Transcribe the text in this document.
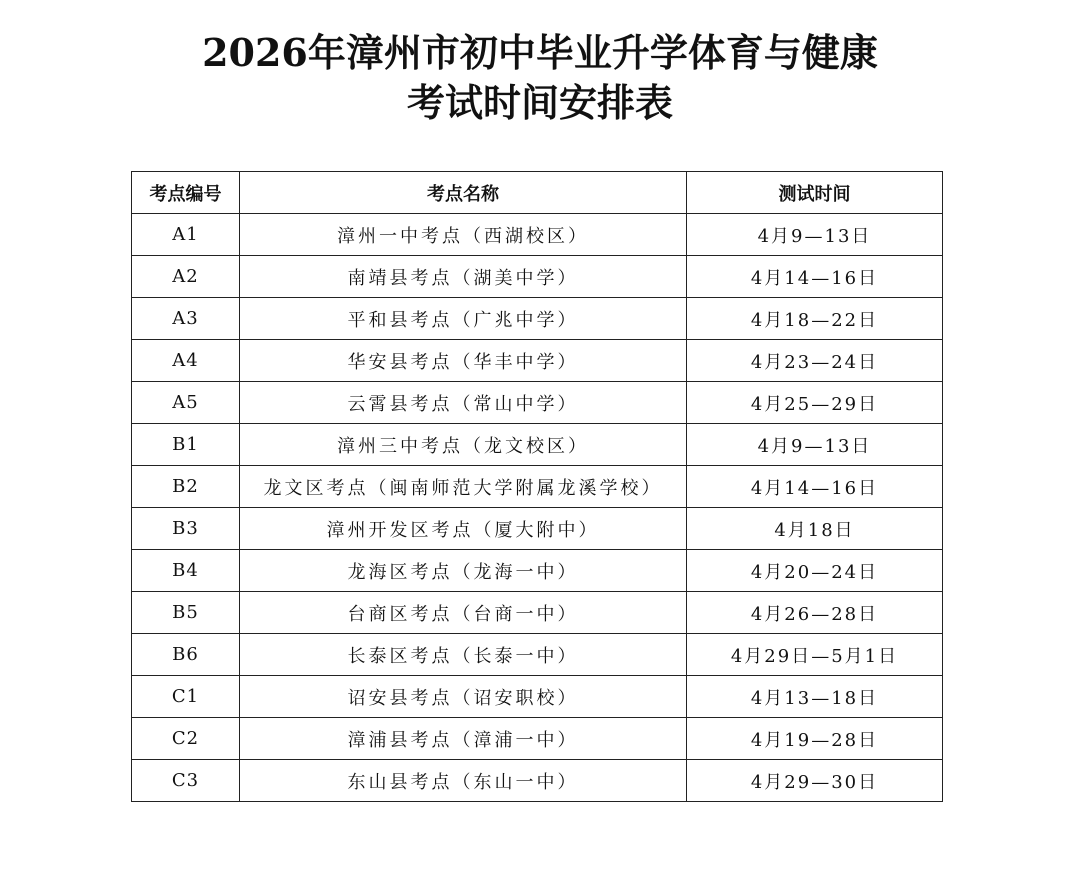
2026年漳州市初中毕业升学体育与健康
考试时间安排表
考点编号	考点名称	测试时间
A1	漳州一中考点（西湖校区）	4月9—13日
A2	南靖县考点（湖美中学）	4月14—16日
A3	平和县考点（广兆中学）	4月18—22日
A4	华安县考点（华丰中学）	4月23—24日
A5	云霄县考点（常山中学）	4月25—29日
B1	漳州三中考点（龙文校区）	4月9—13日
B2	龙文区考点（闽南师范大学附属龙溪学校）	4月14—16日
B3	漳州开发区考点（厦大附中）	4月18日
B4	龙海区考点（龙海一中）	4月20—24日
B5	台商区考点（台商一中）	4月26—28日
B6	长泰区考点（长泰一中）	4月29日—5月1日
C1	诏安县考点（诏安职校）	4月13—18日
C2	漳浦县考点（漳浦一中）	4月19—28日
C3	东山县考点（东山一中）	4月29—30日
